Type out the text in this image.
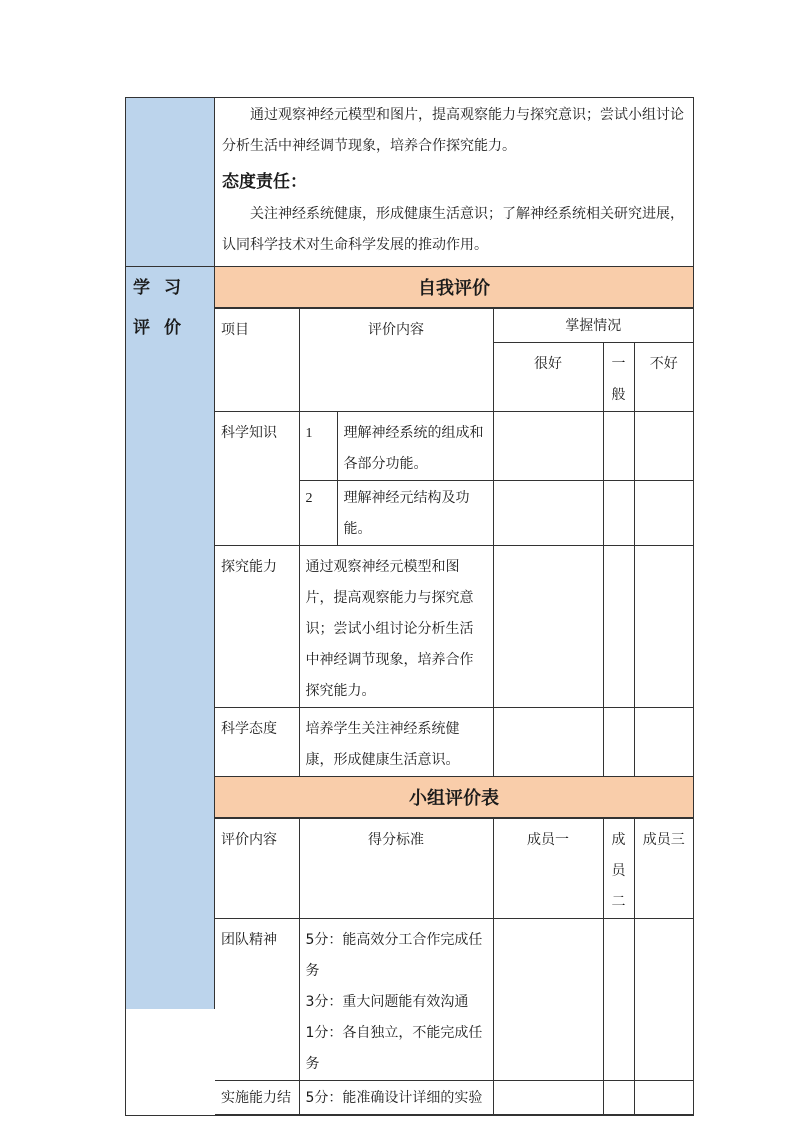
通过观察神经元模型和图片，提高观察能力与探究意识；尝试小组讨论分析生活中神经调节现象，培养合作探究能力。
态度责任：
关注神经系统健康，形成健康生活意识；了解神经系统相关研究进展，认同科学技术对生命科学发展的推动作用。
学习评价
自我评价
项目	评价内容		掌握情况		
			很好	一般	不好
科学知识	1	理解神经系统的组成和各部分功能。			
	2	理解神经元结构及功能。			
探究能力	通过观察神经元模型和图片，提高观察能力与探究意识；尝试小组讨论分析生活中神经调节现象，培养合作探究能力。				
科学态度	培养学生关注神经系统健康，形成健康生活意识。				
小组评价表
评价内容	得分标准	成员一	成员二	成员三
团队精神	5分：能高效分工合作完成任务
3分：重大问题能有效沟通
1分：各自独立，不能完成任务			

实施能力结	5分：能准确设计详细的实验			
